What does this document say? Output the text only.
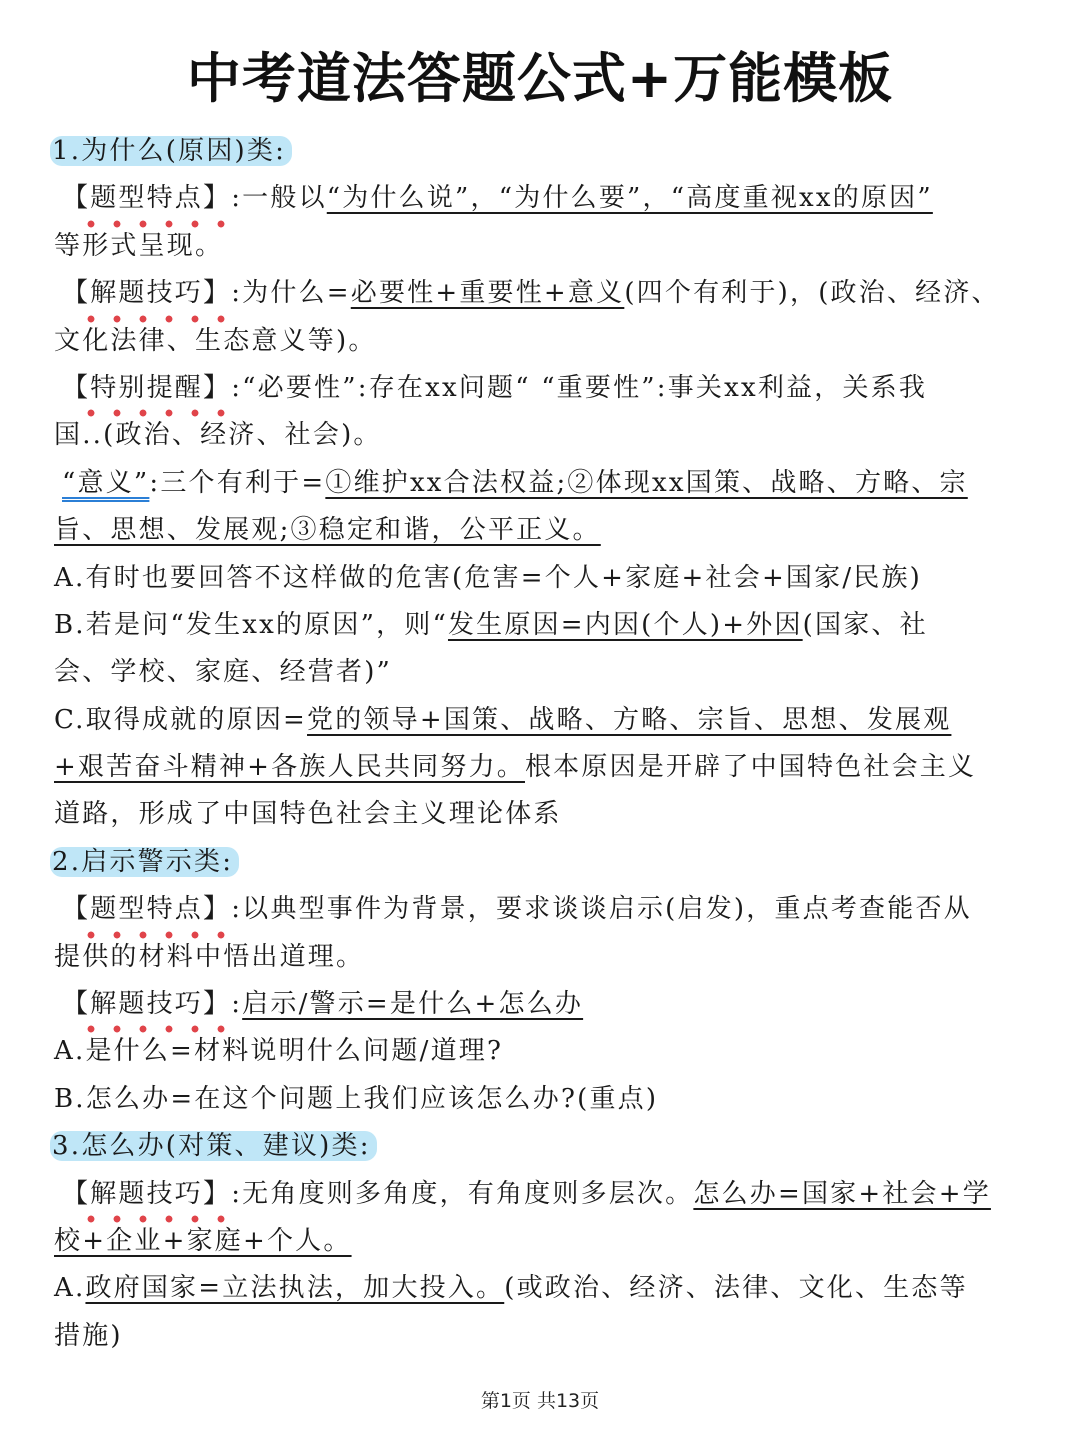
中考道法答题公式+万能模板
1.为什么(原因)类:
【题型特点】
:一般以“为什么说”，“为什么要”，“高度重视xx的原因”
等形式呈现。
【解题技巧】
:为什么=必要性+重要性+意义(四个有利于)，(政治、经济、
文化法律、生态意义等)。
【特别提醒】
:“必要性”:存在xx问题“ “重要性”:事关xx利益，关系我
国..(政治、经济、社会)。
“意义”:三个有利于=①维护xx合法权益;②体现xx国策、战略、方略、宗
旨、思想、发展观;③稳定和谐，公平正义。
A.有时也要回答不这样做的危害(危害=个人+家庭+社会+国家/民族)
B.若是问“发生xx的原因”，则“发生原因=内因(个人)+外因(国家、社
会、学校、家庭、经营者)”
C.取得成就的原因=党的领导+国策、战略、方略、宗旨、思想、发展观
+艰苦奋斗精神+各族人民共同努力。根本原因是开辟了中国特色社会主义
道路，形成了中国特色社会主义理论体系
2.启示警示类:
【题型特点】
:以典型事件为背景，要求谈谈启示(启发)，重点考查能否从
提供的材料中悟出道理。
【解题技巧】
:启示/警示=是什么+怎么办
A.是什么=材料说明什么问题/道理?
B.怎么办=在这个问题上我们应该怎么办?(重点)
3.怎么办(对策、建议)类:
【解题技巧】
:无角度则多角度，有角度则多层次。怎么办=国家+社会+学
校+企业+家庭+个人。
A.政府国家=立法执法，加大投入。(或政治、经济、法律、文化、生态等
措施)
第1页 共13页
